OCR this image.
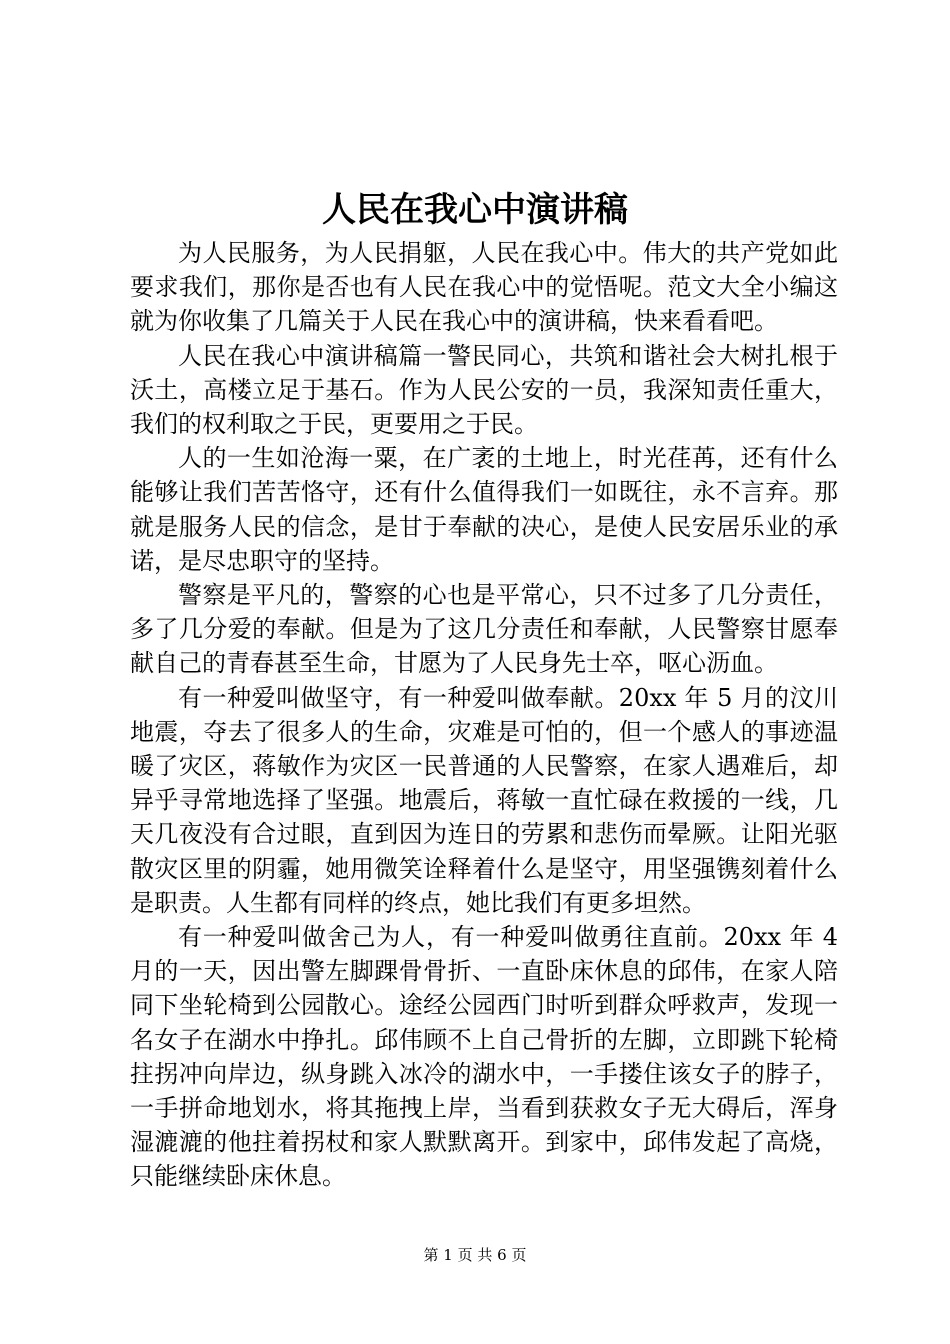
人民在我心中演讲稿

为人民服务，为人民捐躯，人民在我心中。伟大的共产党如此要求我们，那你是否也有人民在我心中的觉悟呢。范文大全小编这就为你收集了几篇关于人民在我心中的演讲稿，快来看看吧。

人民在我心中演讲稿篇一警民同心，共筑和谐社会大树扎根于沃土，高楼立足于基石。作为人民公安的一员，我深知责任重大，我们的权利取之于民，更要用之于民。

人的一生如沧海一粟，在广袤的土地上，时光荏苒，还有什么能够让我们苦苦恪守，还有什么值得我们一如既往，永不言弃。那就是服务人民的信念，是甘于奉献的决心，是使人民安居乐业的承诺，是尽忠职守的坚持。

警察是平凡的，警察的心也是平常心，只不过多了几分责任，多了几分爱的奉献。但是为了这几分责任和奉献，人民警察甘愿奉献自己的青春甚至生命，甘愿为了人民身先士卒，呕心沥血。

有一种爱叫做坚守，有一种爱叫做奉献。20xx 年 5 月的汶川地震，夺去了很多人的生命，灾难是可怕的，但一个感人的事迹温暖了灾区，蒋敏作为灾区一民普通的人民警察，在家人遇难后，却异乎寻常地选择了坚强。地震后，蒋敏一直忙碌在救援的一线，几天几夜没有合过眼，直到因为连日的劳累和悲伤而晕厥。让阳光驱散灾区里的阴霾，她用微笑诠释着什么是坚守，用坚强镌刻着什么是职责。人生都有同样的终点，她比我们有更多坦然。

有一种爱叫做舍己为人，有一种爱叫做勇往直前。20xx 年 4 月的一天，因出警左脚踝骨骨折、一直卧床休息的邱伟，在家人陪同下坐轮椅到公园散心。途经公园西门时听到群众呼救声，发现一名女子在湖水中挣扎。邱伟顾不上自己骨折的左脚，立即跳下轮椅拄拐冲向岸边，纵身跳入冰冷的湖水中，一手搂住该女子的脖子，一手拼命地划水，将其拖拽上岸，当看到获救女子无大碍后，浑身湿漉漉的他拄着拐杖和家人默默离开。到家中，邱伟发起了高烧，只能继续卧床休息。

第 1 页 共 6 页
